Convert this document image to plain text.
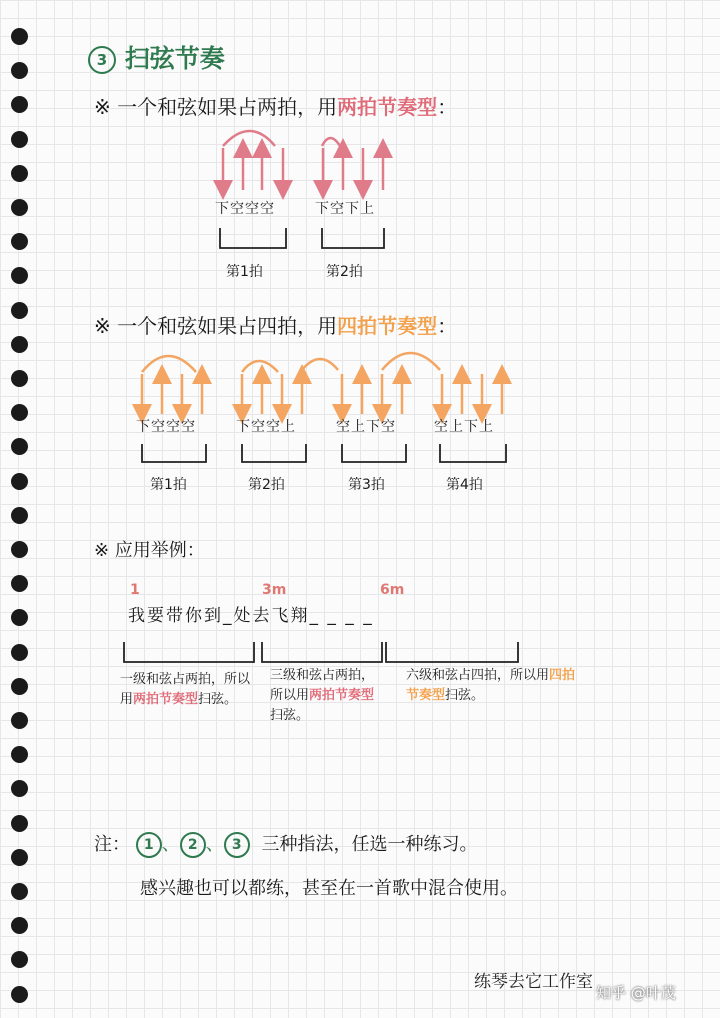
3 扫弦节奏
※ 一个和弦如果占两拍，用两拍节奏型：
下空空空	下空下上
第1拍	第2拍
※ 一个和弦如果占四拍，用四拍节奏型：
下空空空	下空空上	空上下空	空上下上
第1拍	第2拍	第3拍	第4拍
※ 应用举例：
1	3m	6m
我要带你到_处去飞翔_ _ _ _
一级和弦占两拍，所以用两拍节奏型扫弦。
三级和弦占两拍，所以用两拍节奏型扫弦。
六级和弦占四拍，所以用四拍节奏型扫弦。
注： 1 、 2 、 3 三种指法，任选一种练习。
感兴趣也可以都练，甚至在一首歌中混合使用。
练琴去它工作室
知乎 @叶茂
